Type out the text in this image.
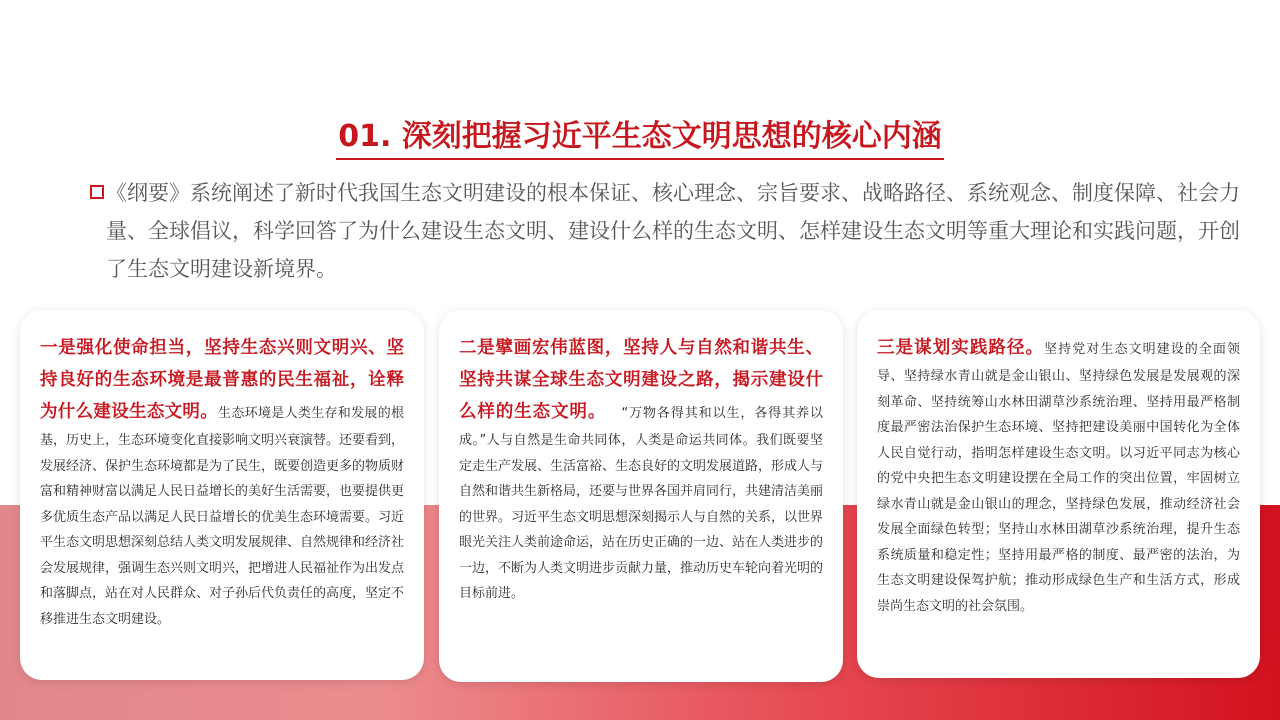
01. 深刻把握习近平生态文明思想的核心内涵

《纲要》系统阐述了新时代我国生态文明建设的根本保证、核心理念、宗旨要求、战略路径、系统观念、制度保障、社会力量、全球倡议，科学回答了为什么建设生态文明、建设什么样的生态文明、怎样建设生态文明等重大理论和实践问题，开创了生态文明建设新境界。

一是强化使命担当，坚持生态兴则文明兴、坚持良好的生态环境是最普惠的民生福祉，诠释为什么建设生态文明。生态环境是人类生存和发展的根基，历史上，生态环境变化直接影响文明兴衰演替。还要看到，发展经济、保护生态环境都是为了民生，既要创造更多的物质财富和精神财富以满足人民日益增长的美好生活需要，也要提供更多优质生态产品以满足人民日益增长的优美生态环境需要。习近平生态文明思想深刻总结人类文明发展规律、自然规律和经济社会发展规律，强调生态兴则文明兴，把增进人民福祉作为出发点和落脚点，站在对人民群众、对子孙后代负责任的高度，坚定不移推进生态文明建设。
二是擘画宏伟蓝图，坚持人与自然和谐共生、坚持共谋全球生态文明建设之路，揭示建设什么样的生态文明。 “万物各得其和以生，各得其养以成。”人与自然是生命共同体，人类是命运共同体。我们既要坚定走生产发展、生活富裕、生态良好的文明发展道路，形成人与自然和谐共生新格局，还要与世界各国并肩同行，共建清洁美丽的世界。习近平生态文明思想深刻揭示人与自然的关系，以世界眼光关注人类前途命运，站在历史正确的一边、站在人类进步的一边，不断为人类文明进步贡献力量，推动历史车轮向着光明的目标前进。
三是谋划实践路径。坚持党对生态文明建设的全面领导、坚持绿水青山就是金山银山、坚持绿色发展是发展观的深刻革命、坚持统筹山水林田湖草沙系统治理、坚持用最严格制度最严密法治保护生态环境、坚持把建设美丽中国转化为全体人民自觉行动，指明怎样建设生态文明。以习近平同志为核心的党中央把生态文明建设摆在全局工作的突出位置，牢固树立绿水青山就是金山银山的理念，坚持绿色发展，推动经济社会发展全面绿色转型；坚持山水林田湖草沙系统治理，提升生态系统质量和稳定性；坚持用最严格的制度、最严密的法治，为生态文明建设保驾护航；推动形成绿色生产和生活方式，形成崇尚生态文明的社会氛围。
